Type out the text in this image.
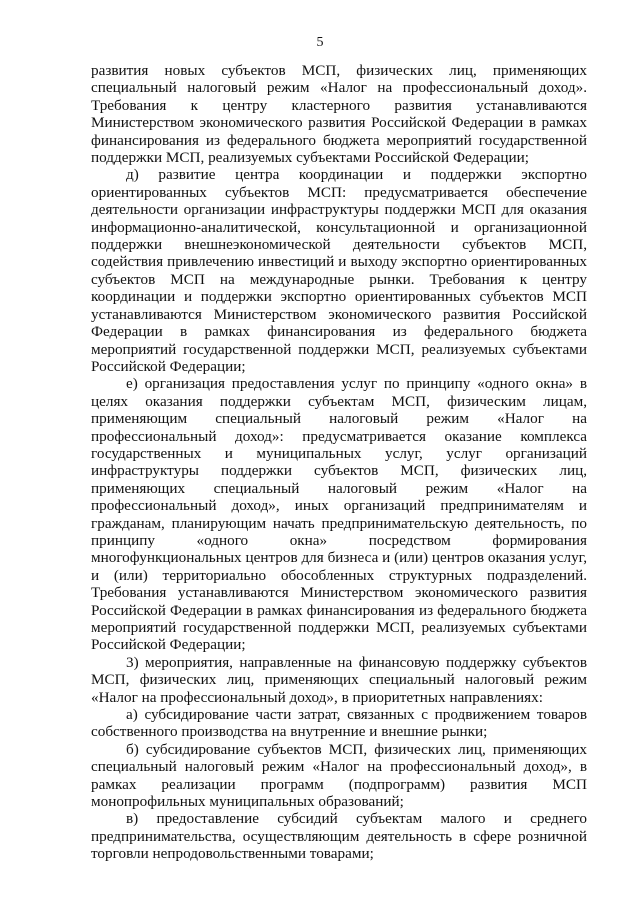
5

развития новых субъектов МСП, физических лиц, применяющих специальный налоговый режим «Налог на профессиональный доход». Требования к центру кластерного развития устанавливаются Министерством экономического развития Российской Федерации в рамках финансирования из федерального бюджета мероприятий государственной поддержки МСП, реализуемых субъектами Российской Федерации;

д) развитие центра координации и поддержки экспортно ориентированных субъектов МСП: предусматривается обеспечение деятельности организации инфраструктуры поддержки МСП для оказания информационно-аналитической, консультационной и организационной поддержки внешнеэкономической деятельности субъектов МСП, содействия привлечению инвестиций и выходу экспортно ориентированных субъектов МСП на международные рынки. Требования к центру координации и поддержки экспортно ориентированных субъектов МСП устанавливаются Министерством экономического развития Российской Федерации в рамках финансирования из федерального бюджета мероприятий государственной поддержки МСП, реализуемых субъектами Российской Федерации;

е) организация предоставления услуг по принципу «одного окна» в целях оказания поддержки субъектам МСП, физическим лицам, применяющим специальный налоговый режим «Налог на профессиональный доход»: предусматривается оказание комплекса государственных и муниципальных услуг, услуг организаций инфраструктуры поддержки субъектов МСП, физических лиц, применяющих специальный налоговый режим «Налог на профессиональный доход», иных организаций предпринимателям и гражданам, планирующим начать предпринимательскую деятельность, по принципу «одного окна» посредством формирования многофункциональных центров для бизнеса и (или) центров оказания услуг, и (или) территориально обособленных структурных подразделений. Требования устанавливаются Министерством экономического развития Российской Федерации в рамках финансирования из федерального бюджета мероприятий государственной поддержки МСП, реализуемых субъектами Российской Федерации;

3) мероприятия, направленные на финансовую поддержку субъектов МСП, физических лиц, применяющих специальный налоговый режим «Налог на профессиональный доход», в приоритетных направлениях:

а) субсидирование части затрат, связанных с продвижением товаров собственного производства на внутренние и внешние рынки;

б) субсидирование субъектов МСП, физических лиц, применяющих специальный налоговый режим «Налог на профессиональный доход», в рамках реализации программ (подпрограмм) развития МСП монопрофильных муниципальных образований;

в) предоставление субсидий субъектам малого и среднего предпринимательства, осуществляющим деятельность в сфере розничной торговли непродовольственными товарами;
